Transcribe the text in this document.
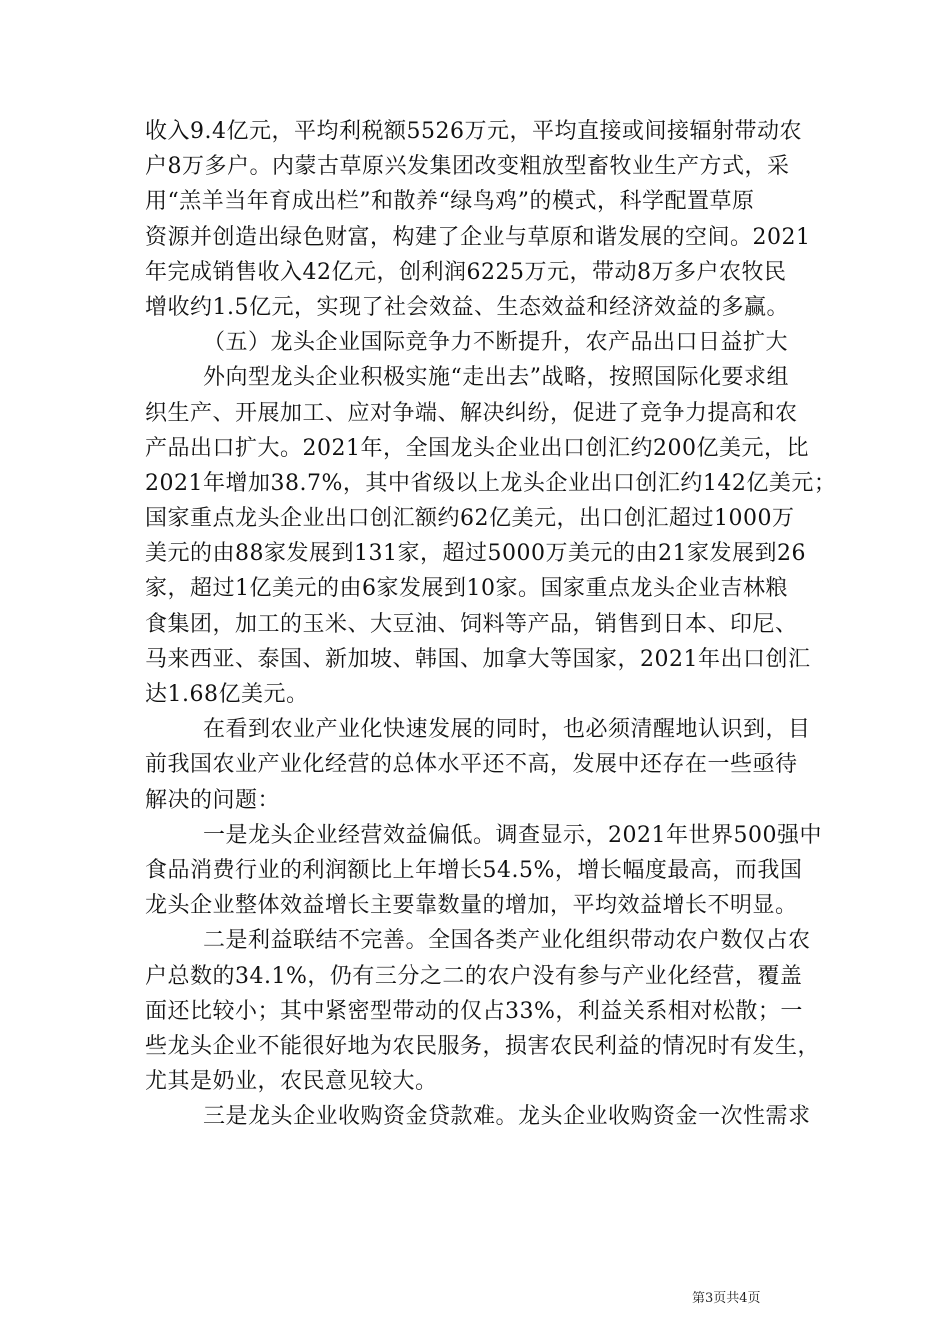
收入9.4亿元，平均利税额5526万元，平均直接或间接辐射带动农
户8万多户。内蒙古草原兴发集团改变粗放型畜牧业生产方式，采
用“羔羊当年育成出栏”和散养“绿鸟鸡”的模式，科学配置草原
资源并创造出绿色财富，构建了企业与草原和谐发展的空间。2021
年完成销售收入42亿元，创利润6225万元，带动8万多户农牧民
增收约1.5亿元，实现了社会效益、生态效益和经济效益的多赢。
（五）龙头企业国际竞争力不断提升，农产品出口日益扩大
外向型龙头企业积极实施“走出去”战略，按照国际化要求组
织生产、开展加工、应对争端、解决纠纷，促进了竞争力提高和农
产品出口扩大。2021年，全国龙头企业出口创汇约200亿美元，比
2021年增加38.7%，其中省级以上龙头企业出口创汇约142亿美元；
国家重点龙头企业出口创汇额约62亿美元，出口创汇超过1000万
美元的由88家发展到131家，超过5000万美元的由21家发展到26
家，超过1亿美元的由6家发展到10家。国家重点龙头企业吉林粮
食集团，加工的玉米、大豆油、饲料等产品，销售到日本、印尼、
马来西亚、泰国、新加坡、韩国、加拿大等国家，2021年出口创汇
达1.68亿美元。
在看到农业产业化快速发展的同时，也必须清醒地认识到，目
前我国农业产业化经营的总体水平还不高，发展中还存在一些亟待
解决的问题：
一是龙头企业经营效益偏低。调查显示，2021年世界500强中
食品消费行业的利润额比上年增长54.5%，增长幅度最高，而我国
龙头企业整体效益增长主要靠数量的增加，平均效益增长不明显。
二是利益联结不完善。全国各类产业化组织带动农户数仅占农
户总数的34.1%，仍有三分之二的农户没有参与产业化经营，覆盖
面还比较小；其中紧密型带动的仅占33%，利益关系相对松散；一
些龙头企业不能很好地为农民服务，损害农民利益的情况时有发生，
尤其是奶业，农民意见较大。
三是龙头企业收购资金贷款难。龙头企业收购资金一次性需求
第3页共4页
